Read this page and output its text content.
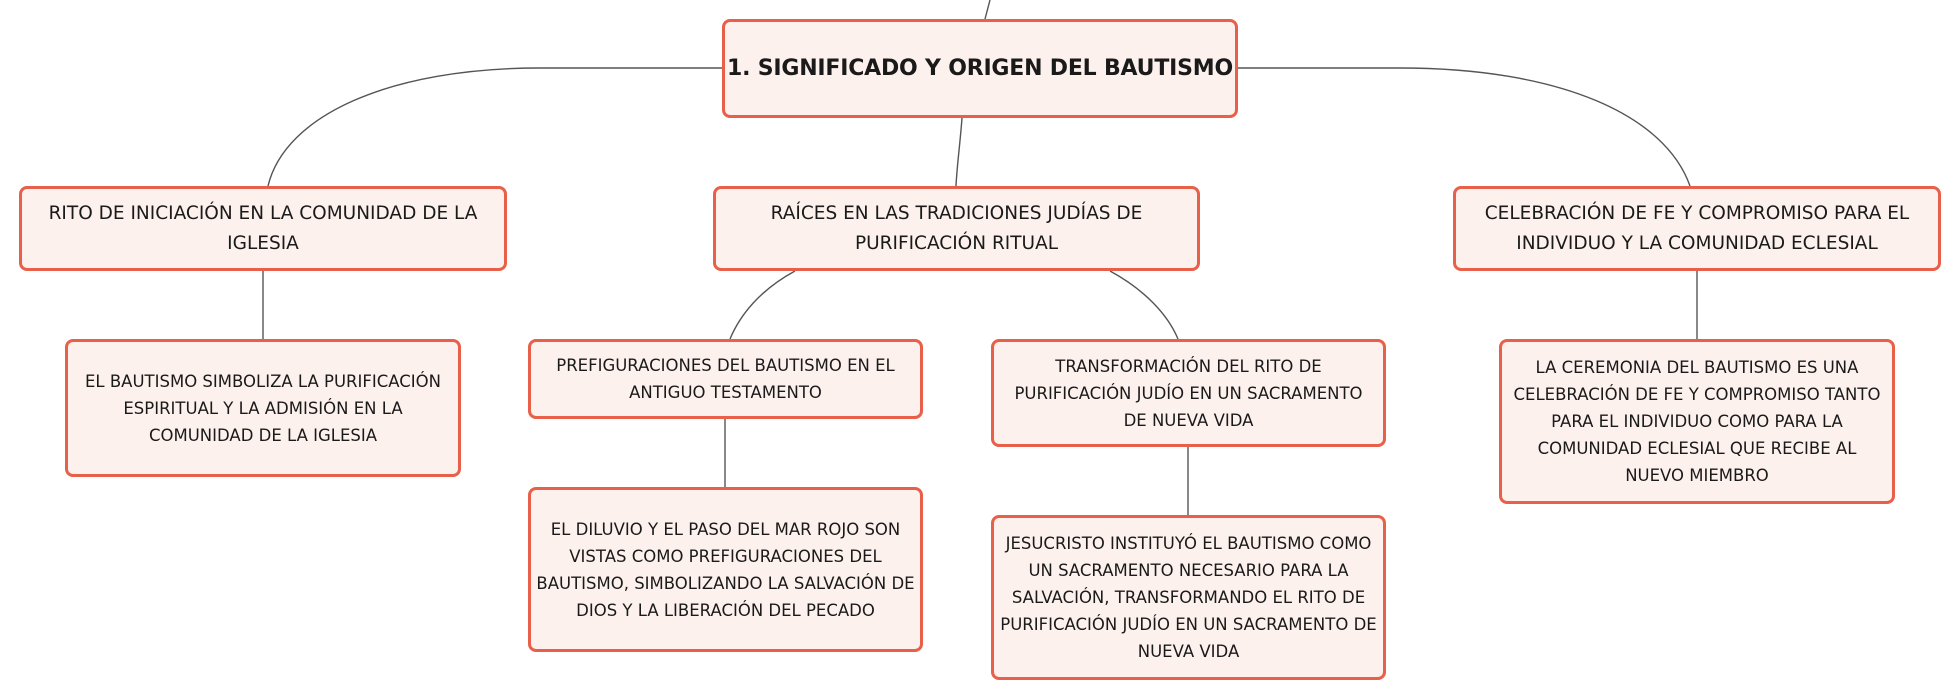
1. SIGNIFICADO Y ORIGEN DEL BAUTISMO
RITO DE INICIACIÓN EN LA COMUNIDAD DE LA IGLESIA
RAÍCES EN LAS TRADICIONES JUDÍAS DE PURIFICACIÓN RITUAL
CELEBRACIÓN DE FE Y COMPROMISO PARA EL INDIVIDUO Y LA COMUNIDAD ECLESIAL
EL BAUTISMO SIMBOLIZA LA PURIFICACIÓN ESPIRITUAL Y LA ADMISIÓN EN LA COMUNIDAD DE LA IGLESIA
PREFIGURACIONES DEL BAUTISMO EN EL ANTIGUO TESTAMENTO
TRANSFORMACIÓN DEL RITO DE PURIFICACIÓN JUDÍO EN UN SACRAMENTO DE NUEVA VIDA
LA CEREMONIA DEL BAUTISMO ES UNA CELEBRACIÓN DE FE Y COMPROMISO TANTO PARA EL INDIVIDUO COMO PARA LA COMUNIDAD ECLESIAL QUE RECIBE AL NUEVO MIEMBRO
EL DILUVIO Y EL PASO DEL MAR ROJO SON VISTAS COMO PREFIGURACIONES DEL BAUTISMO, SIMBOLIZANDO LA SALVACIÓN DE DIOS Y LA LIBERACIÓN DEL PECADO
JESUCRISTO INSTITUYÓ EL BAUTISMO COMO UN SACRAMENTO NECESARIO PARA LA SALVACIÓN, TRANSFORMANDO EL RITO DE PURIFICACIÓN JUDÍO EN UN SACRAMENTO DE NUEVA VIDA
